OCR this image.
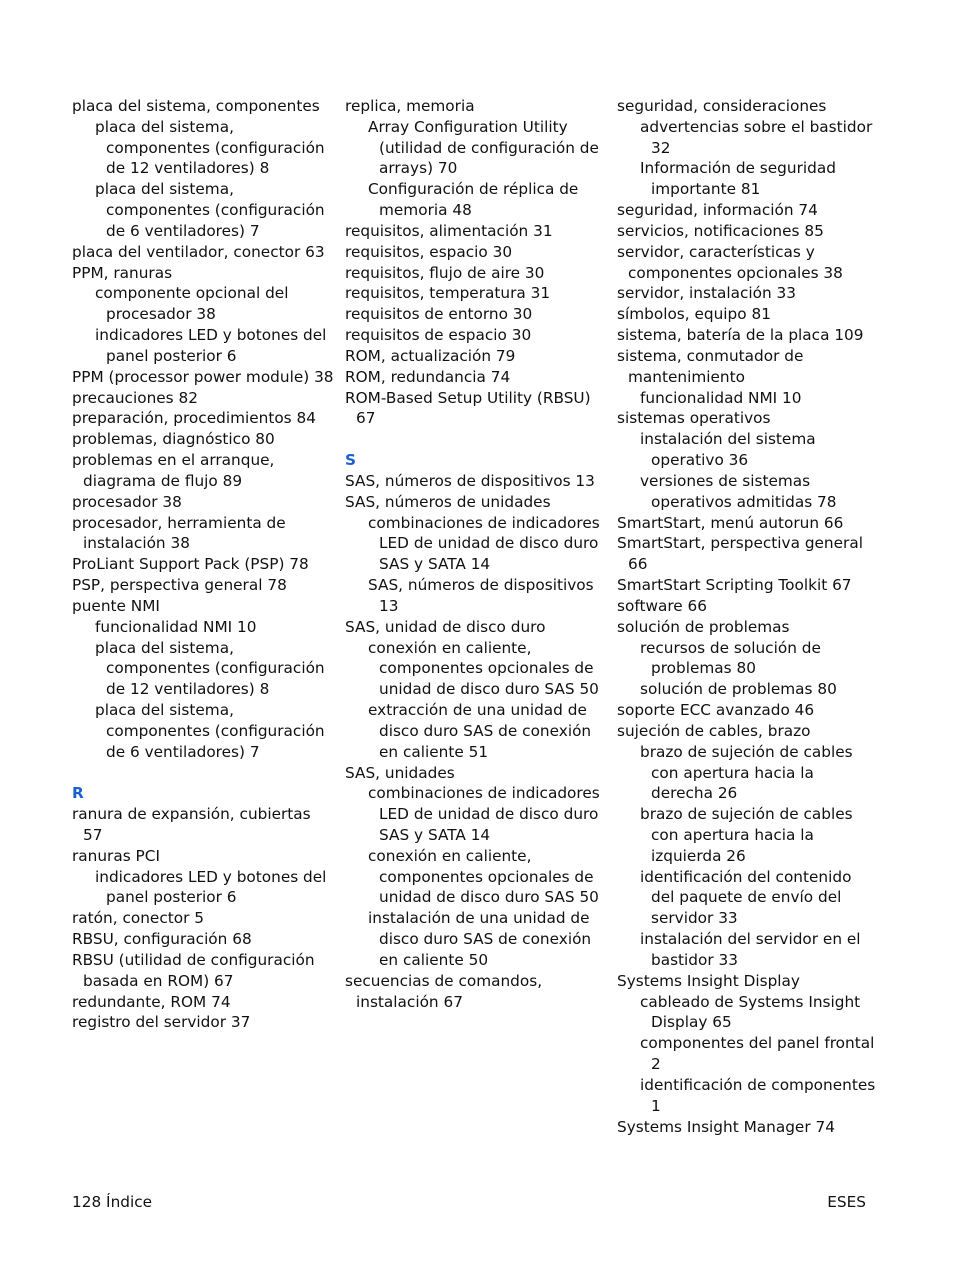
placa del sistema, componentes
placa del sistema, componentes (configuración de 12 ventiladores) 8
placa del sistema, componentes (configuración de 6 ventiladores) 7
placa del ventilador, conector 63
PPM, ranuras
componente opcional del procesador 38
indicadores LED y botones del panel posterior 6
PPM (processor power module) 38
precauciones 82
preparación, procedimientos 84
problemas, diagnóstico 80
problemas en el arranque, diagrama de flujo 89
procesador 38
procesador, herramienta de instalación 38
ProLiant Support Pack (PSP) 78
PSP, perspectiva general 78
puente NMI
funcionalidad NMI 10
placa del sistema, componentes (configuración de 12 ventiladores) 8
placa del sistema, componentes (configuración de 6 ventiladores) 7
R
ranura de expansión, cubiertas 57
ranuras PCI
indicadores LED y botones del panel posterior 6
ratón, conector 5
RBSU, configuración 68
RBSU (utilidad de configuración basada en ROM) 67
redundante, ROM 74
registro del servidor 37
replica, memoria
Array Configuration Utility (utilidad de configuración de arrays) 70
Configuración de réplica de memoria 48
requisitos, alimentación 31
requisitos, espacio 30
requisitos, flujo de aire 30
requisitos, temperatura 31
requisitos de entorno 30
requisitos de espacio 30
ROM, actualización 79
ROM, redundancia 74
ROM-Based Setup Utility (RBSU) 67
S
SAS, números de dispositivos 13
SAS, números de unidades
combinaciones de indicadores LED de unidad de disco duro SAS y SATA 14
SAS, números de dispositivos 13
SAS, unidad de disco duro
conexión en caliente, componentes opcionales de unidad de disco duro SAS 50
extracción de una unidad de disco duro SAS de conexión en caliente 51
SAS, unidades
combinaciones de indicadores LED de unidad de disco duro SAS y SATA 14
conexión en caliente, componentes opcionales de unidad de disco duro SAS 50
instalación de una unidad de disco duro SAS de conexión en caliente 50
secuencias de comandos, instalación 67
seguridad, consideraciones
advertencias sobre el bastidor 32
Información de seguridad importante 81
seguridad, información 74
servicios, notificaciones 85
servidor, características y componentes opcionales 38
servidor, instalación 33
símbolos, equipo 81
sistema, batería de la placa 109
sistema, conmutador de mantenimiento
funcionalidad NMI 10
sistemas operativos
instalación del sistema operativo 36
versiones de sistemas operativos admitidas 78
SmartStart, menú autorun 66
SmartStart, perspectiva general 66
SmartStart Scripting Toolkit 67
software 66
solución de problemas
recursos de solución de problemas 80
solución de problemas 80
soporte ECC avanzado 46
sujeción de cables, brazo
brazo de sujeción de cables con apertura hacia la derecha 26
brazo de sujeción de cables con apertura hacia la izquierda 26
identificación del contenido del paquete de envío del servidor 33
instalación del servidor en el bastidor 33
Systems Insight Display
cableado de Systems Insight Display 65
componentes del panel frontal 2
identificación de componentes 1
Systems Insight Manager 74
128 Índice	ESES
